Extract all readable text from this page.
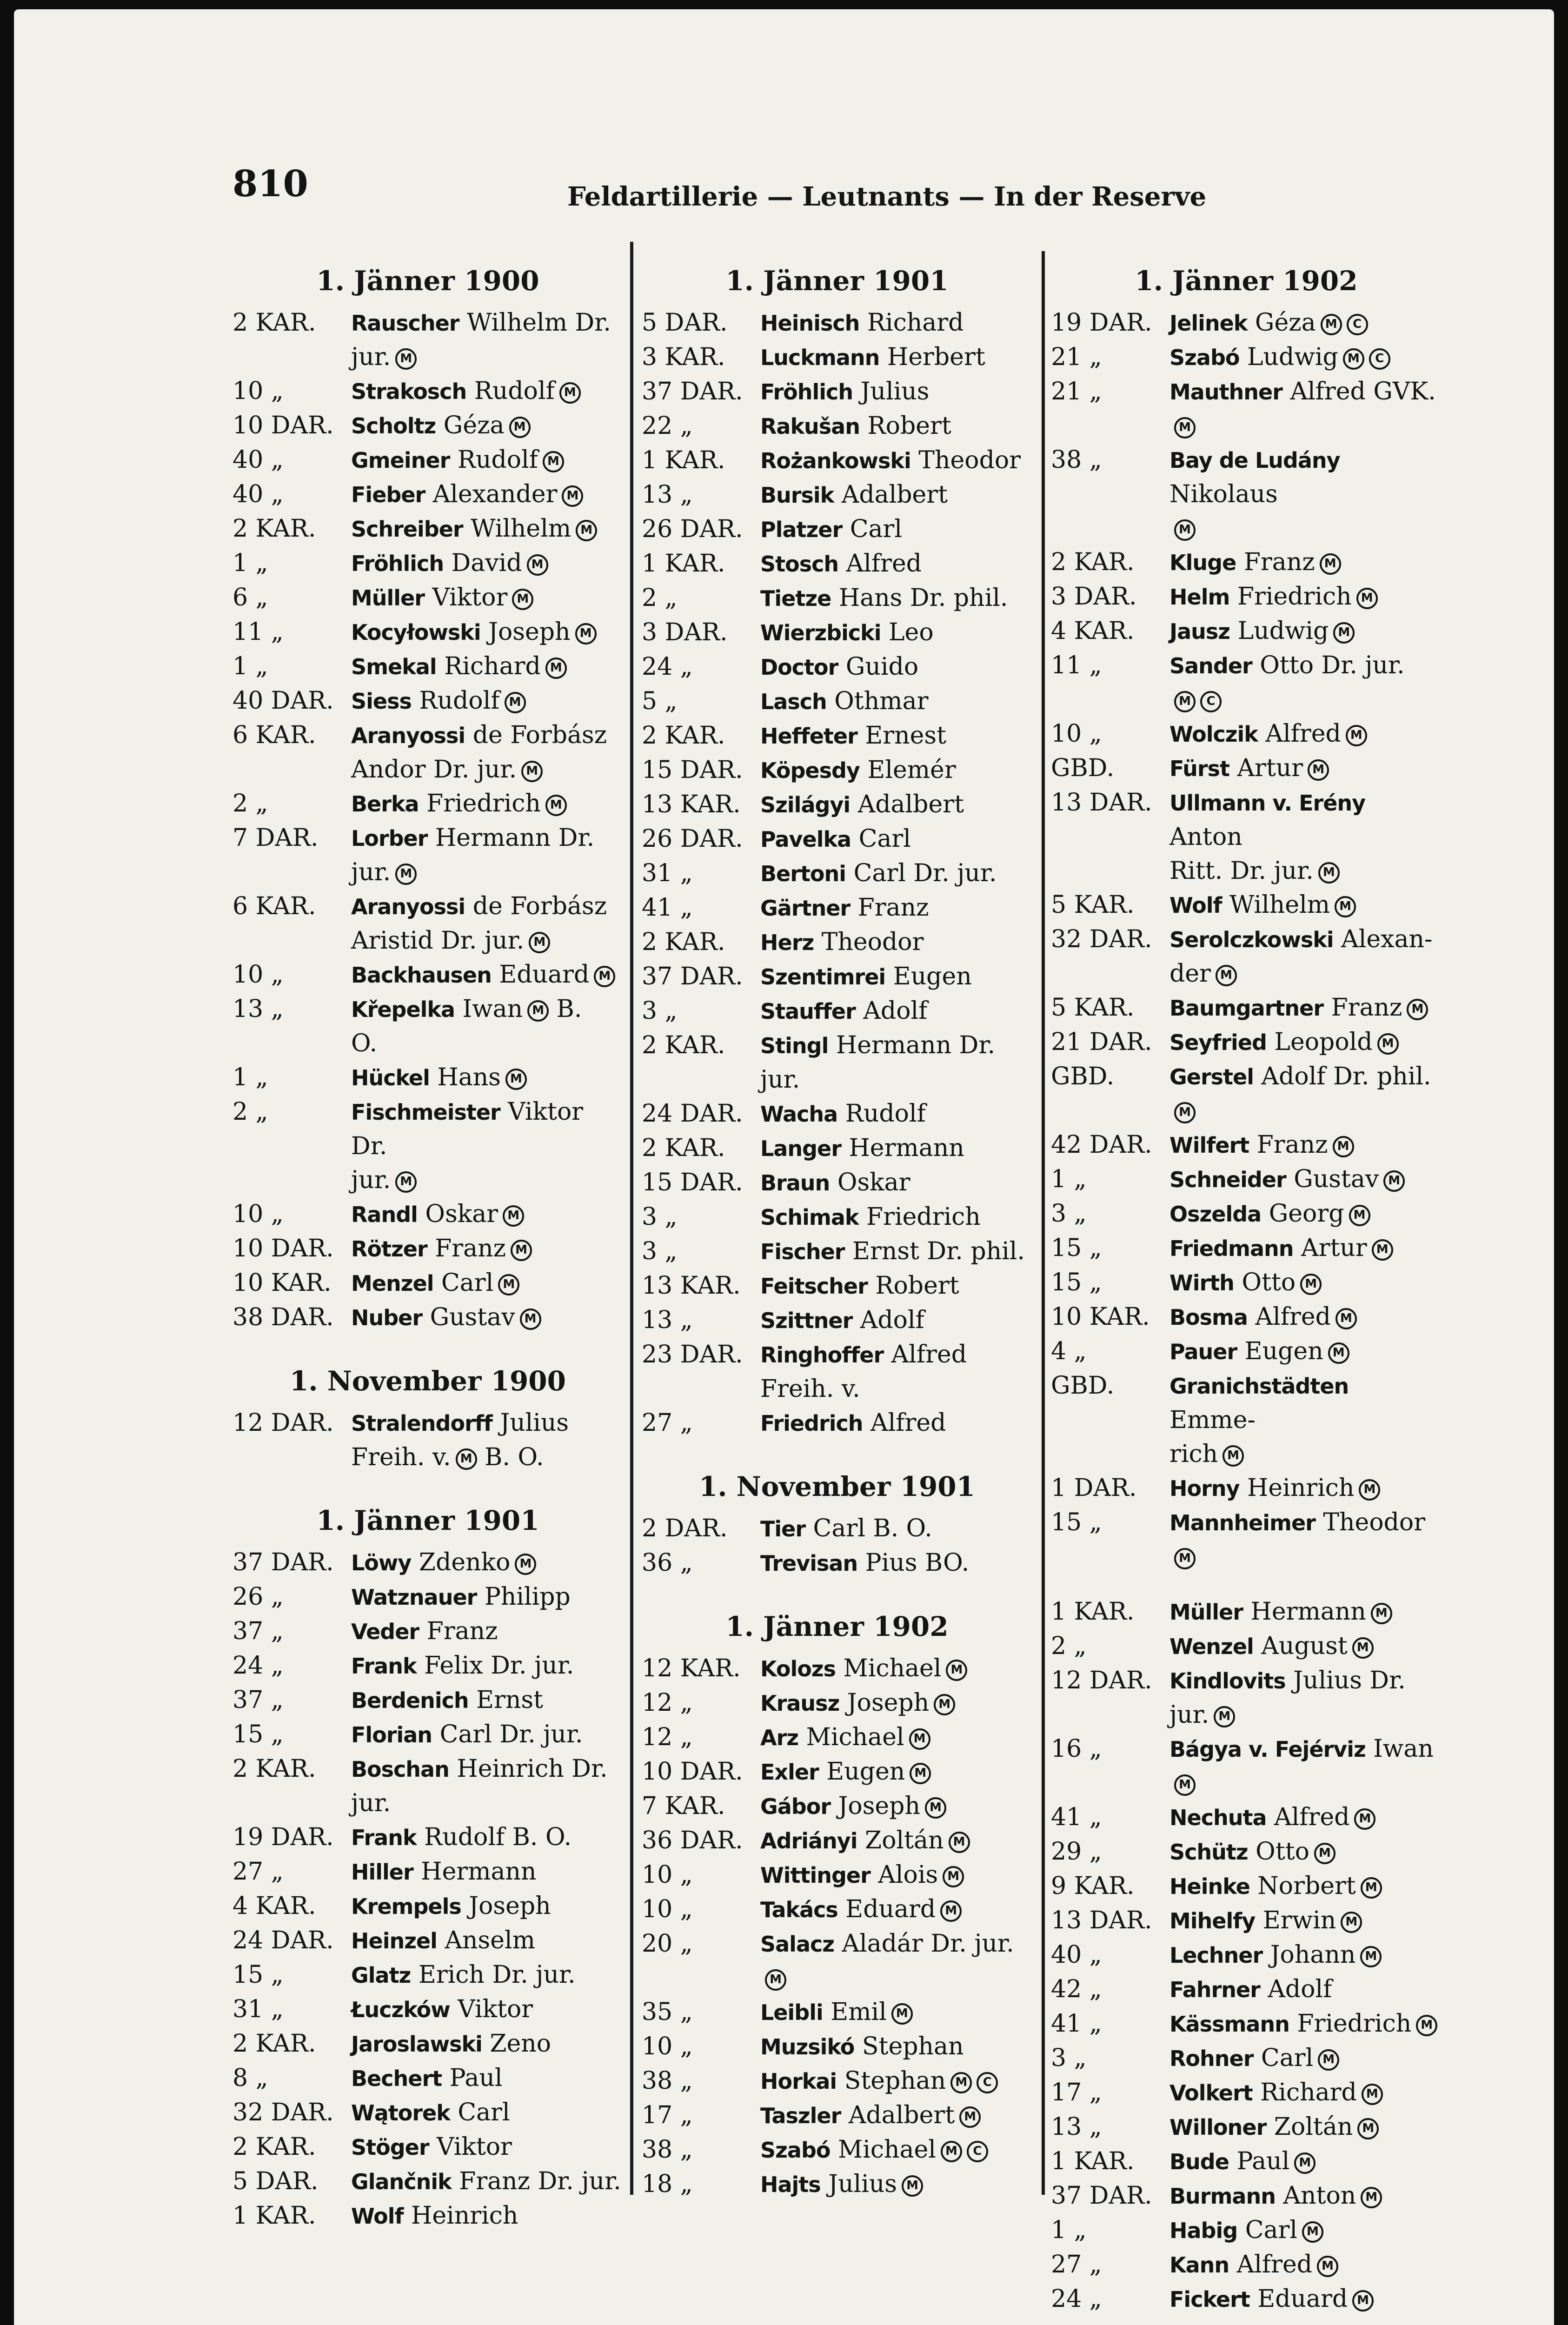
810	Feldartillerie — Leutnants — In der Reserve
1. Jänner 1900
2 KAR.	Rauscher Wilhelm Dr.
jur. M
10 „	Strakosch Rudolf M
10 DAR. Scholtz Géza M
40 „	Gmeiner Rudolf M
40 „	Fieber Alexander M
2 KAR.	Schreiber Wilhelm M
1 „	Fröhlich David M
6 „	Müller Viktor M
11 „	Kocyłowski Joseph M
1 „	Smekal Richard M
40 DAR. Siess Rudolf M
6 KAR.	Aranyossi de Forbász
Andor Dr. jur. M
2 „	Berka Friedrich M
7 DAR.	Lorber Hermann Dr.
jur. M
6 KAR.	Aranyossi de Forbász
Aristid Dr. jur. M
10 „	Backhausen Eduard M
13 „	Křepelka Iwan M B.
O.
1 „	Hückel Hans M
2 „	Fischmeister Viktor Dr.
jur. M
10 „	Randl Oskar M
10 DAR. Rötzer Franz M
10 KAR. Menzel Carl M
38 DAR. Nuber Gustav M
1. November 1900
12 DAR. Stralendorff Julius
Freih. v. M B. O.
1. Jänner 1901
37 DAR. Löwy Zdenko M
26 „	Watznauer Philipp
37 „	Veder Franz
24 „	Frank Felix Dr. jur.
37 „	Berdenich Ernst
15 „	Florian Carl Dr. jur.
2 KAR.	Boschan Heinrich Dr.
jur.
19 DAR. Frank Rudolf B. O.
27 „	Hiller Hermann
4 KAR.	Krempels Joseph
24 DAR. Heinzel Anselm
15 „	Glatz Erich Dr. jur.
31 „	Łuczków Viktor
2 KAR.	Jaroslawski Zeno
8 „	Bechert Paul
32 DAR. Wątorek Carl
2 KAR.	Stöger Viktor
5 DAR.	Glančnik Franz Dr. jur.
1 KAR.	Wolf Heinrich
1. Jänner 1901
5 DAR.	Heinisch Richard
3 KAR.	Luckmann Herbert
37 DAR. Fröhlich Julius
22 „	Rakušan Robert
1 KAR.	Rożankowski Theodor
13 „	Bursik Adalbert
26 DAR. Platzer Carl
1 KAR.	Stosch Alfred
2 „	Tietze Hans Dr. phil.
3 DAR.	Wierzbicki Leo
24 „	Doctor Guido
5 „	Lasch Othmar
2 KAR.	Heffeter Ernest
15 DAR. Köpesdy Elemér
13 KAR. Szilágyi Adalbert
26 DAR. Pavelka Carl
31 „	Bertoni Carl Dr. jur.
41 „	Gärtner Franz
2 KAR.	Herz Theodor
37 DAR. Szentimrei Eugen
3 „	Stauffer Adolf
2 KAR.	Stingl Hermann Dr.
jur.
24 DAR. Wacha Rudolf
2 KAR.	Langer Hermann
15 DAR. Braun Oskar
3 „	Schimak Friedrich
3 „	Fischer Ernst Dr. phil.
13 KAR. Feitscher Robert
13 „	Szittner Adolf
23 DAR. Ringhoffer Alfred
Freih. v.
27 „	Friedrich Alfred
1. November 1901
2 DAR.	Tier Carl B. O.
36 „	Trevisan Pius BO.
1. Jänner 1902
12 KAR. Kolozs Michael M
12 „	Krausz Joseph M
12 „	Arz Michael M
10 DAR. Exler Eugen M
7 KAR.	Gábor Joseph M
36 DAR. Adriányi Zoltán M
10 „	Wittinger Alois M
10 „	Takács Eduard M
20 „	Salacz Aladár Dr. jur.
M
35 „	Leibli Emil M
10 „	Muzsikó Stephan
38 „	Horkai Stephan M C
17 „	Taszler Adalbert M
38 „	Szabó Michael M C
18 „	Hajts Julius M
1. Jänner 1902
19 DAR. Jelinek Géza M C
21 „	Szabó Ludwig M C
21 „	Mauthner Alfred GVK.
M
38 „	Bay de Ludány Nikolaus
M
2 KAR.	Kluge Franz M
3 DAR.	Helm Friedrich M
4 KAR.	Jausz Ludwig M
11 „	Sander Otto Dr. jur.
M C
10 „	Wolczik Alfred M
GBD.	Fürst Artur M
13 DAR. Ullmann v. Erény Anton
Ritt. Dr. jur. M
5 KAR.	Wolf Wilhelm M
32 DAR. Serolczkowski Alexan-
der M
5 KAR.	Baumgartner Franz M
21 DAR. Seyfried Leopold M
GBD.	Gerstel Adolf Dr. phil.
M
42 DAR. Wilfert Franz M
1 „	Schneider Gustav M
3 „	Oszelda Georg M
15 „	Friedmann Artur M
15 „	Wirth Otto M
10 KAR. Bosma Alfred M
4 „	Pauer Eugen M
GBD.	Granichstädten Emme-
rich M
1 DAR.	Horny Heinrich M
15 „	Mannheimer Theodor
M
1 KAR.	Müller Hermann M
2 „	Wenzel August M
12 DAR. Kindlovits Julius Dr.
jur. M
16 „	Bágya v. Fejérviz Iwan
M
41 „	Nechuta Alfred M
29 „	Schütz Otto M
9 KAR.	Heinke Norbert M
13 DAR. Mihelfy Erwin M
40 „	Lechner Johann M
42 „	Fahrner Adolf
41 „	Kässmann Friedrich M
3 „	Rohner Carl M
17 „	Volkert Richard M
13 „	Willoner Zoltán M
1 KAR.	Bude Paul M
37 DAR. Burmann Anton M
1 „	Habig Carl M
27 „	Kann Alfred M
24 „	Fickert Eduard M
